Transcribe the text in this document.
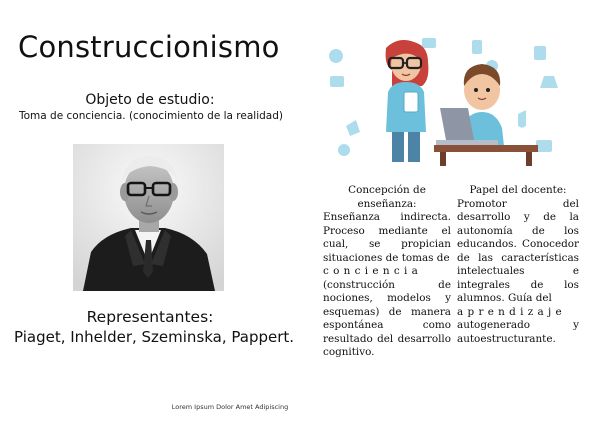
Construccionismo
Objeto de estudio:
Toma de conciencia. (conocimiento de la realidad)
Representantes:
Piaget, Inhelder, Szeminska, Pappert.
Lorem Ipsum Dolor Amet Adipiscing
Concepción de enseñanza:
Enseñanza indirecta. Proceso mediante el cual, se propician situaciones de tomas de
conciencia
(construcción de nociones, modelos y esquemas) de manera espontánea como resultado del desarrollo cognitivo.
Papel del docente:
Promotor del desarrollo y de la autonomía de los educandos. Conocedor de las características intelectuales e integrales de los alumnos. Guía del
aprendizaje
autogenerado y autoestructurante.
